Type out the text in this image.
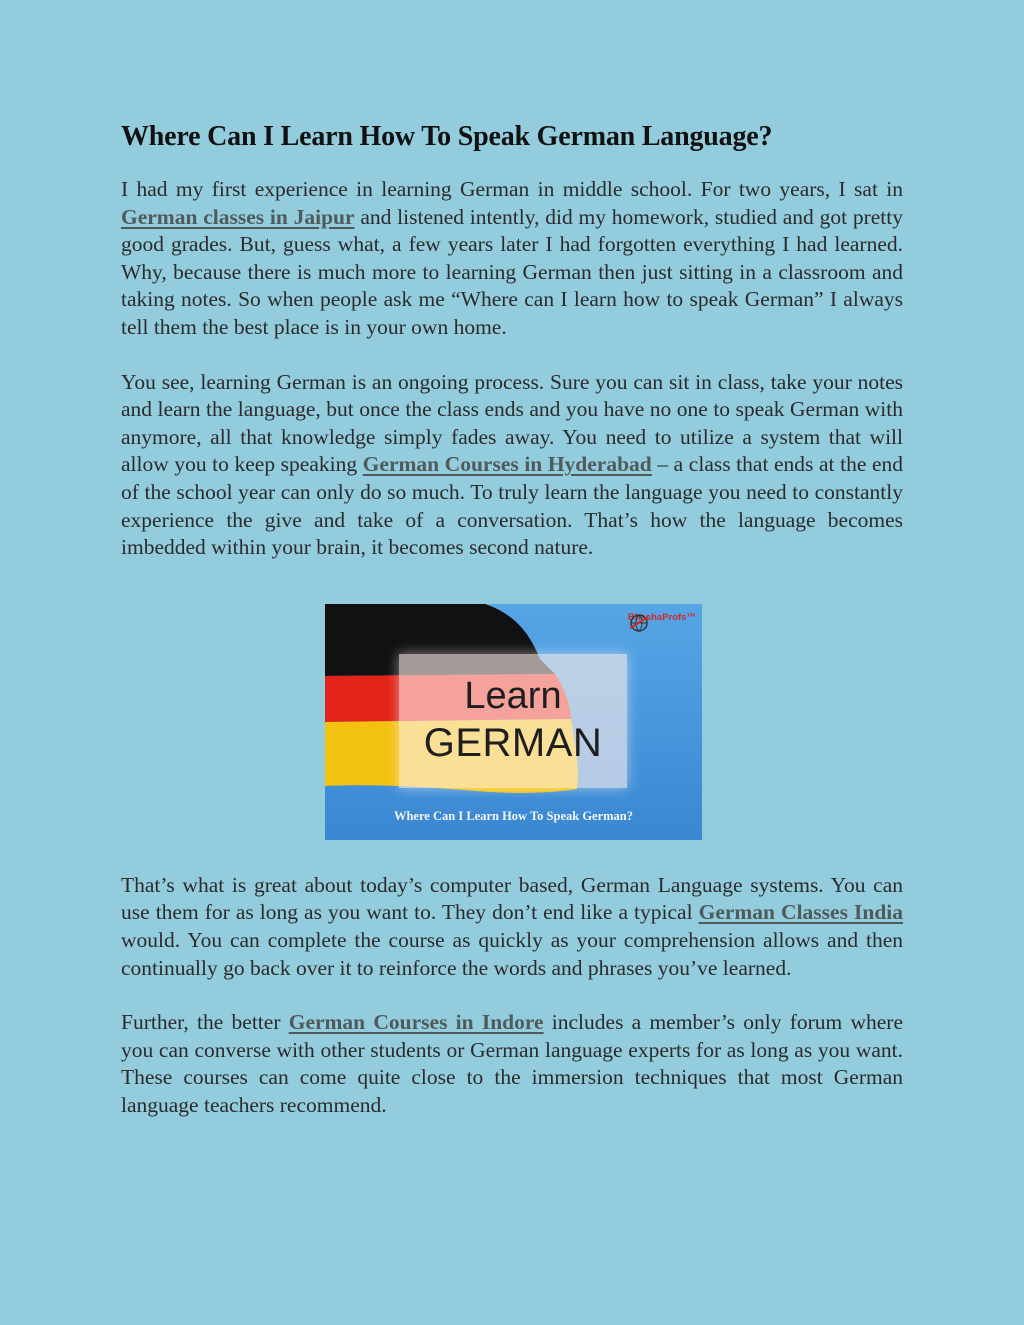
Where Can I Learn How To Speak German Language?

I had my first experience in learning German in middle school. For two years, I sat in German classes in Jaipur and listened intently, did my homework, studied and got pretty good grades. But, guess what, a few years later I had forgotten everything I had learned. Why, because there is much more to learning German then just sitting in a classroom and taking notes. So when people ask me “Where can I learn how to speak German” I always tell them the best place is in your own home.

You see, learning German is an ongoing process. Sure you can sit in class, take your notes and learn the language, but once the class ends and you have no one to speak German with anymore, all that knowledge simply fades away. You need to utilize a system that will allow you to keep speaking German Courses in Hyderabad – a class that ends at the end of the school year can only do so much. To truly learn the language you need to constantly experience the give and take of a conversation. That’s how the language becomes imbedded within your brain, it becomes second nature.

BhashaProfs™
Learn
GERMAN
Where Can I Learn How To Speak German?

That’s what is great about today’s computer based, German Language systems. You can use them for as long as you want to. They don’t end like a typical German Classes India would. You can complete the course as quickly as your comprehension allows and then continually go back over it to reinforce the words and phrases you’ve learned.

Further, the better German Courses in Indore includes a member’s only forum where you can converse with other students or German language experts for as long as you want. These courses can come quite close to the immersion techniques that most German language teachers recommend.
